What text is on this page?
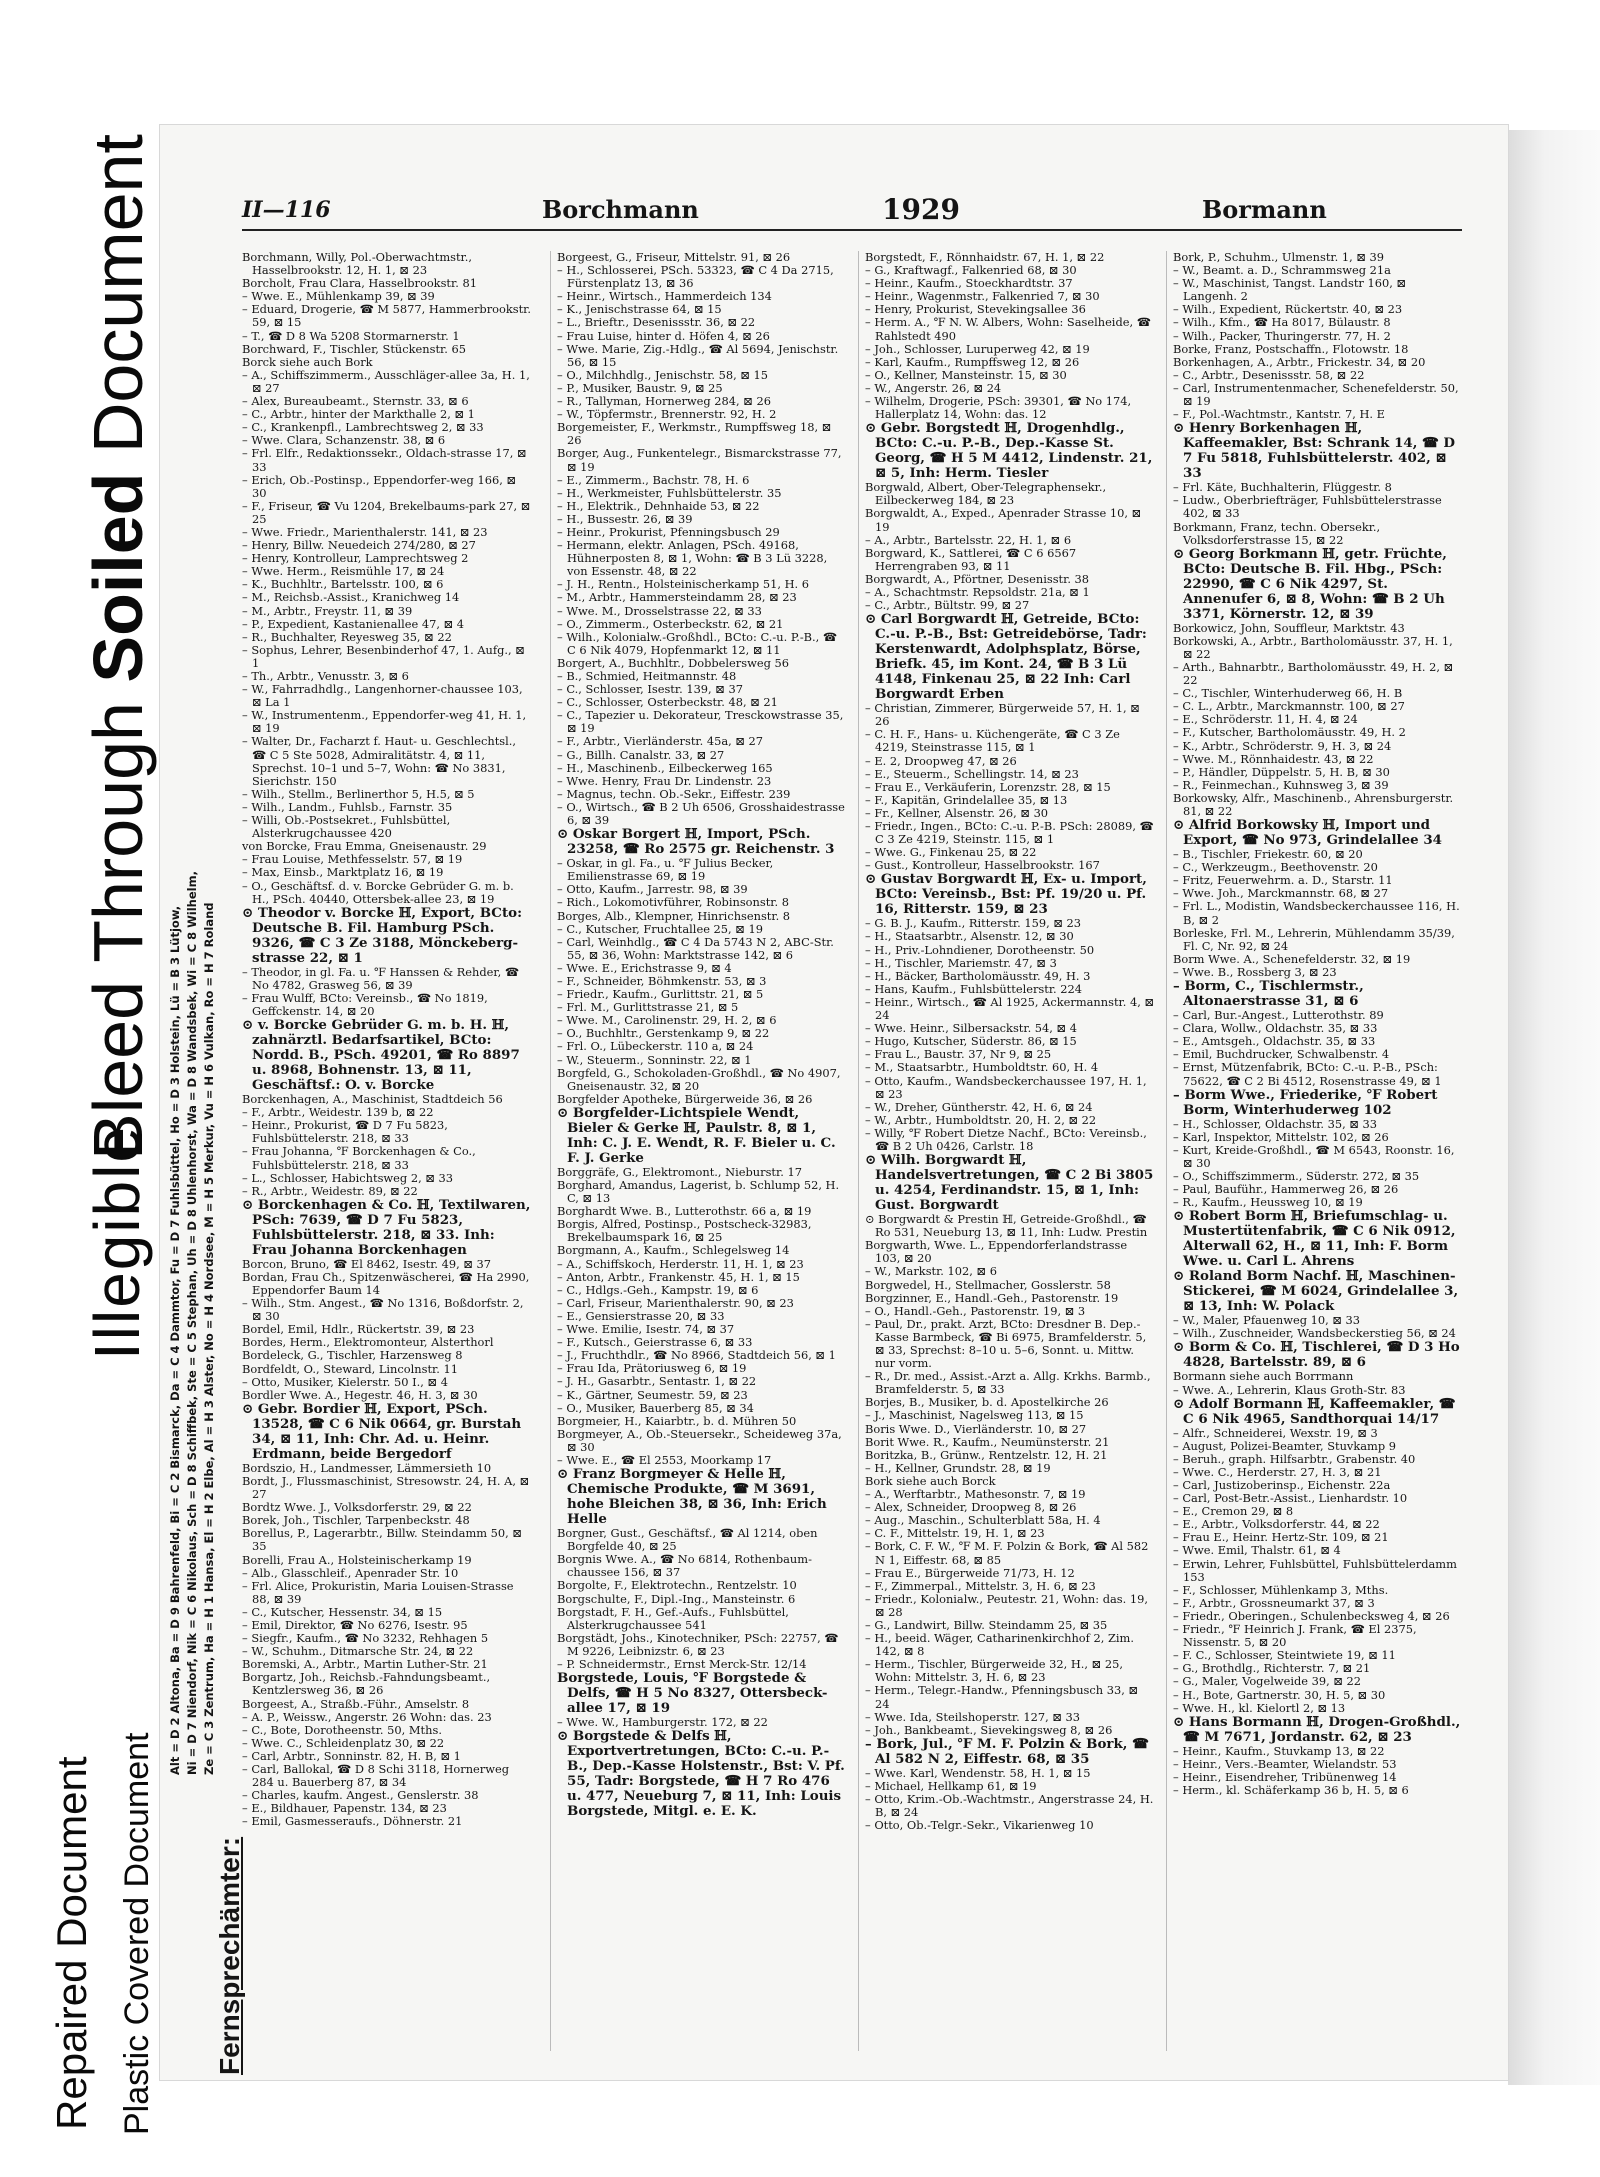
Repaired Document Plastic Covered Document
Illegible
Bleed Through Soiled Document	II—116	Borchmann	1929	Bormann
Fernsprechämter:
Alt = D 2 Altona, Ba = D 9 Bahrenfeld, Bi = C 2 Bismarck, Da = C 4 Dammtor, Fu = D 7 Fuhlsbüttel, Ho = D 3 Holstein, Lü = B 3 Lütjow, Ni = D 7 Niendorf, Nik = C 6 Nikolaus, Sch = D 8 Schiffbek, Ste = C 5 Stephan, Uh = D 8 Uhlenhorst, Wa = D 8 Wandsbek, Wi = C 8 Wilhelm, Ze = C 3 Zentrum, Ha = H 1 Hansa, El = H 2 Elbe, Al = H 3 Alster, No = H 4 Nordsee, M = H 5 Merkur, Vu = H 6 Vulkan, Ro = H 7 Roland

Borchmann, Willy, Pol.-Oberwachtmstr., Hasselbrookstr. 12, H. 1, ⊠ 23

Borcholt, Frau Clara, Hasselbrookstr. 81

– Wwe. E., Mühlenkamp 39, ⊠ 39

– Eduard, Drogerie, ☎ M 5877, Hammerbrookstr. 59, ⊠ 15

– T., ☎ D 8 Wa 5208 Stormarnerstr. 1

Borchward, F., Tischler, Stückenstr. 65

Borck siehe auch Bork

– A., Schiffszimmerm., Ausschläger-allee 3a, H. 1, ⊠ 27

– Alex, Bureaubeamt., Sternstr. 33, ⊠ 6

– C., Arbtr., hinter der Markthalle 2, ⊠ 1

– C., Krankenpfl., Lambrechtsweg 2, ⊠ 33

– Wwe. Clara, Schanzenstr. 38, ⊠ 6

– Frl. Elfr., Redaktionssekr., Oldach-strasse 17, ⊠ 33

– Erich, Ob.-Postinsp., Eppendorfer-weg 166, ⊠ 30

– F., Friseur, ☎ Vu 1204, Brekelbaums-park 27, ⊠ 25

– Wwe. Friedr., Marienthalerstr. 141, ⊠ 23

– Henry, Billw. Neuedeich 274/280, ⊠ 27

– Henry, Kontrolleur, Lamprechtsweg 2

– Wwe. Herm., Reismühle 17, ⊠ 24

– K., Buchhltr., Bartelsstr. 100, ⊠ 6

– M., Reichsb.-Assist., Kranichweg 14

– M., Arbtr., Freystr. 11, ⊠ 39

– P., Expedient, Kastanienallee 47, ⊠ 4

– R., Buchhalter, Reyesweg 35, ⊠ 22

– Sophus, Lehrer, Besenbinderhof 47, 1. Aufg., ⊠ 1

– Th., Arbtr., Venusstr. 3, ⊠ 6

– W., Fahrradhdlg., Langenhorner-chaussee 103, ⊠ La 1

– W., Instrumentenm., Eppendorfer-weg 41, H. 1, ⊠ 19

– Walter, Dr., Facharzt f. Haut- u. Geschlechtsl., ☎ C 5 Ste 5028, Admiralitätstr. 4, ⊠ 11, Sprechst. 10–1 und 5–7, Wohn: ☎ No 3831, Sierichstr. 150

– Wilh., Stellm., Berlinerthor 5, H.5, ⊠ 5

– Wilh., Landm., Fuhlsb., Farnstr. 35

– Willi, Ob.-Postsekret., Fuhlsbüttel, Alsterkrugchaussee 420

von Borcke, Frau Emma, Gneisenaustr. 29

– Frau Louise, Methfesselstr. 57, ⊠ 19

– Max, Einsb., Marktplatz 16, ⊠ 19

– O., Geschäftsf. d. v. Borcke Gebrüder G. m. b. H., PSch. 40440, Ottersbek-allee 23, ⊠ 19

⊙ Theodor v. Borcke ℍ, Export, BCto: Deutsche B. Fil. Hamburg PSch. 9326, ☎ C 3 Ze 3188, Mönckeberg-strasse 22, ⊠ 1

– Theodor, in gl. Fa. u. ℉ Hanssen & Rehder, ☎ No 4782, Grasweg 56, ⊠ 39

– Frau Wulff, BCto: Vereinsb., ☎ No 1819, Geffckenstr. 14, ⊠ 20

⊙ v. Borcke Gebrüder G. m. b. H. ℍ, zahnärztl. Bedarfsartikel, BCto: Nordd. B., PSch. 49201, ☎ Ro 8897 u. 8968, Bohnenstr. 13, ⊠ 11, Geschäftsf.: O. v. Borcke

Borckenhagen, A., Maschinist, Stadtdeich 56

– F., Arbtr., Weidestr. 139 b, ⊠ 22

– Heinr., Prokurist, ☎ D 7 Fu 5823, Fuhlsbüttelerstr. 218, ⊠ 33

– Frau Johanna, ℉ Borckenhagen & Co., Fuhlsbüttelerstr. 218, ⊠ 33

– L., Schlosser, Habichtsweg 2, ⊠ 33

– R., Arbtr., Weidestr. 89, ⊠ 22

⊙ Borckenhagen & Co. ℍ, Textilwaren, PSch: 7639, ☎ D 7 Fu 5823, Fuhlsbüttelerstr. 218, ⊠ 33. Inh: Frau Johanna Borckenhagen

Borcon, Bruno, ☎ El 8462, Isestr. 49, ⊠ 37

Bordan, Frau Ch., Spitzenwäscherei, ☎ Ha 2990, Eppendorfer Baum 14

– Wilh., Stm. Angest., ☎ No 1316, Boßdorfstr. 2, ⊠ 30

Bordel, Emil, Hdlr., Rückertstr. 39, ⊠ 23

Bordes, Herm., Elektromonteur, Alsterthorl

Bordeleck, G., Tischler, Harzensweg 8

Bordfeldt, O., Steward, Lincolnstr. 11

– Otto, Musiker, Kielerstr. 50 I., ⊠ 4

Bordler Wwe. A., Hegestr. 46, H. 3, ⊠ 30

⊙ Gebr. Bordier ℍ, Export, PSch. 13528, ☎ C 6 Nik 0664, gr. Burstah 34, ⊠ 11, Inh: Chr. Ad. u. Heinr. Erdmann, beide Bergedorf

Bordszio, H., Landmesser, Lämmersieth 10

Bordt, J., Flussmaschinist, Stresowstr. 24, H. A, ⊠ 27

Bordtz Wwe. J., Volksdorferstr. 29, ⊠ 22

Borek, Joh., Tischler, Tarpenbeckstr. 48

Borellus, P., Lagerarbtr., Billw. Steindamm 50, ⊠ 35

Borelli, Frau A., Holsteinischerkamp 19

– Alb., Glasschleif., Apenrader Str. 10

– Frl. Alice, Prokuristin, Maria Louisen-Strasse 88, ⊠ 39

– C., Kutscher, Hessenstr. 34, ⊠ 15

– Emil, Direktor, ☎ No 6276, Isestr. 95

– Siegfr., Kaufm., ☎ No 3232, Rehhagen 5

– W., Schuhm., Ditmarsche Str. 24, ⊠ 22

Boremski, A., Arbtr., Martin Luther-Str. 21

Borgartz, Joh., Reichsb.-Fahndungsbeamt., Kentzlersweg 36, ⊠ 26

Borgeest, A., Straßb.-Führ., Amselstr. 8

– A. P., Weissw., Angerstr. 26 Wohn: das. 23

– C., Bote, Dorotheenstr. 50, Mths.

– Wwe. C., Schleidenplatz 30, ⊠ 22

– Carl, Arbtr., Sonninstr. 82, H. B, ⊠ 1

– Carl, Ballokal, ☎ D 8 Schi 3118, Hornerweg 284 u. Bauerberg 87, ⊠ 34

– Charles, kaufm. Angest., Genslerstr. 38

– E., Bildhauer, Papenstr. 134, ⊠ 23

– Emil, Gasmesseraufs., Döhnerstr. 21

Borgeest, G., Friseur, Mittelstr. 91, ⊠ 26

– H., Schlosserei, PSch. 53323, ☎ C 4 Da 2715, Fürstenplatz 13, ⊠ 36

– Heinr., Wirtsch., Hammerdeich 134

– K., Jenischstrasse 64, ⊠ 15

– L., Brieftr., Desenissstr. 36, ⊠ 22

– Frau Luise, hinter d. Höfen 4, ⊠ 26

– Wwe. Marie, Zig.-Hdlg., ☎ Al 5694, Jenischstr. 56, ⊠ 15

– O., Milchhdlg., Jenischstr. 58, ⊠ 15

– P., Musiker, Baustr. 9, ⊠ 25

– R., Tallyman, Hornerweg 284, ⊠ 26

– W., Töpfermstr., Brennerstr. 92, H. 2

Borgemeister, F., Werkmstr., Rumpffsweg 18, ⊠ 26

Borger, Aug., Funkentelegr., Bismarckstrasse 77, ⊠ 19

– E., Zimmerm., Bachstr. 78, H. 6

– H., Werkmeister, Fuhlsbüttelerstr. 35

– H., Elektrik., Dehnhaide 53, ⊠ 22

– H., Bussestr. 26, ⊠ 39

– Heinr., Prokurist, Pfenningsbusch 29

– Hermann, elektr. Anlagen, PSch. 49168, Hühnerposten 8, ⊠ 1, Wohn: ☎ B 3 Lü 3228, von Essenstr. 48, ⊠ 22

– J. H., Rentn., Holsteinischerkamp 51, H. 6

– M., Arbtr., Hammersteindamm 28, ⊠ 23

– Wwe. M., Drosselstrasse 22, ⊠ 33

– O., Zimmerm., Osterbeckstr. 62, ⊠ 21

– Wilh., Kolonialw.-Großhdl., BCto: C.-u. P.-B., ☎ C 6 Nik 4079, Hopfenmarkt 12, ⊠ 11

Borgert, A., Buchhltr., Dobbelersweg 56

– B., Schmied, Heitmannstr. 48

– C., Schlosser, Isestr. 139, ⊠ 37

– C., Schlosser, Osterbeckstr. 48, ⊠ 21

– C., Tapezier u. Dekorateur, Tresckowstrasse 35, ⊠ 19

– F., Arbtr., Vierländerstr. 45a, ⊠ 27

– G., Billh. Canalstr. 33, ⊠ 27

– H., Maschinenb., Eilbeckerweg 165

– Wwe. Henry, Frau Dr. Lindenstr. 23

– Magnus, techn. Ob.-Sekr., Eiffestr. 239

– O., Wirtsch., ☎ B 2 Uh 6506, Grosshaidestrasse 6, ⊠ 39

⊙ Oskar Borgert ℍ, Import, PSch. 23258, ☎ Ro 2575 gr. Reichenstr. 3

– Oskar, in gl. Fa., u. ℉ Julius Becker, Emilienstrasse 69, ⊠ 19

– Otto, Kaufm., Jarrestr. 98, ⊠ 39

– Rich., Lokomotivführer, Robinsonstr. 8

Borges, Alb., Klempner, Hinrichsenstr. 8

– C., Kutscher, Fruchtallee 25, ⊠ 19

– Carl, Weinhdlg., ☎ C 4 Da 5743 N 2, ABC-Str. 55, ⊠ 36, Wohn: Marktstrasse 142, ⊠ 6

– Wwe. E., Erichstrasse 9, ⊠ 4

– F., Schneider, Böhmkenstr. 53, ⊠ 3

– Friedr., Kaufm., Gurlittstr. 21, ⊠ 5

– Frl. M., Gurlittstrasse 21, ⊠ 5

– Wwe. M., Carolinenstr. 29, H. 2, ⊠ 6

– O., Buchhltr., Gerstenkamp 9, ⊠ 22

– Frl. O., Lübeckerstr. 110 a, ⊠ 24

– W., Steuerm., Sonninstr. 22, ⊠ 1

Borgfeld, G., Schokoladen-Großhdl., ☎ No 4907, Gneisenaustr. 32, ⊠ 20

Borgfelder Apotheke, Bürgerweide 36, ⊠ 26

⊙ Borgfelder-Lichtspiele Wendt, Bieler & Gerke ℍ, Paulstr. 8, ⊠ 1, Inh: C. J. E. Wendt, R. F. Bieler u. C. F. J. Gerke

Borggräfe, G., Elektromont., Nieburstr. 17

Borghard, Amandus, Lagerist, b. Schlump 52, H. C, ⊠ 13

Borghardt Wwe. B., Lutterothstr. 66 a, ⊠ 19

Borgis, Alfred, Postinsp., Postscheck-32983, Brekelbaumspark 16, ⊠ 25

Borgmann, A., Kaufm., Schlegelsweg 14

– A., Schiffskoch, Herderstr. 11, H. 1, ⊠ 23

– Anton, Arbtr., Frankenstr. 45, H. 1, ⊠ 15

– C., Hdlgs.-Geh., Kampstr. 19, ⊠ 6

– Carl, Friseur, Marienthalerstr. 90, ⊠ 23

– E., Gensierstrasse 20, ⊠ 33

– Wwe. Emilie, Isestr. 74, ⊠ 37

– F., Kutsch., Geierstrasse 6, ⊠ 33

– J., Fruchthdlr., ☎ No 8966, Stadtdeich 56, ⊠ 1

– Frau Ida, Prätoriusweg 6, ⊠ 19

– J. H., Gasarbtr., Sentastr. 1, ⊠ 22

– K., Gärtner, Seumestr. 59, ⊠ 23

– O., Musiker, Bauerberg 85, ⊠ 34

Borgmeier, H., Kaiarbtr., b. d. Mühren 50

Borgmeyer, A., Ob.-Steuersekr., Scheideweg 37a, ⊠ 30

– Wwe. E., ☎ El 2553, Moorkamp 17

⊙ Franz Borgmeyer & Helle ℍ, Chemische Produkte, ☎ M 3691, hohe Bleichen 38, ⊠ 36, Inh: Erich Helle

Borgner, Gust., Geschäftsf., ☎ Al 1214, oben Borgfelde 40, ⊠ 25

Borgnis Wwe. A., ☎ No 6814, Rothenbaum-chaussee 156, ⊠ 37

Borgolte, F., Elektrotechn., Rentzelstr. 10

Borgschulte, F., Dipl.-Ing., Mansteinstr. 6

Borgstadt, F. H., Gef.-Aufs., Fuhlsbüttel, Alsterkrugchaussee 541

Borgstädt, Johs., Kinotechniker, PSch: 22757, ☎ M 9226, Leibnizstr. 6, ⊠ 23

– P. Schneidermstr., Ernst Merck-Str. 12/14

Borgstede, Louis, ℉ Borgstede & Delfs, ☎ H 5 No 8327, Ottersbeck-allee 17, ⊠ 19

– Wwe. W., Hamburgerstr. 172, ⊠ 22

⊙ Borgstede & Delfs ℍ, Exportvertretungen, BCto: C.-u. P.-B., Dep.-Kasse Holstenstr., Bst: V. Pf. 55, Tadr: Borgstede, ☎ H 7 Ro 476 u. 477, Neueburg 7, ⊠ 11, Inh: Louis Borgstede, Mitgl. e. E. K.

Borgstedt, F., Rönnhaidstr. 67, H. 1, ⊠ 22

– G., Kraftwagf., Falkenried 68, ⊠ 30

– Heinr., Kaufm., Stoeckhardtstr. 37

– Heinr., Wagenmstr., Falkenried 7, ⊠ 30

– Henry, Prokurist, Stevekingsallee 36

– Herm. A., ℉ N. W. Albers, Wohn: Saselheide, ☎ Rahlstedt 490

– Joh., Schlosser, Luruperweg 42, ⊠ 19

– Karl, Kaufm., Rumpffsweg 12, ⊠ 26

– O., Kellner, Mansteinstr. 15, ⊠ 30

– W., Angerstr. 26, ⊠ 24

– Wilhelm, Drogerie, PSch: 39301, ☎ No 174, Hallerplatz 14, Wohn: das. 12

⊙ Gebr. Borgstedt ℍ, Drogenhdlg., BCto: C.-u. P.-B., Dep.-Kasse St. Georg, ☎ H 5 M 4412, Lindenstr. 21, ⊠ 5, Inh: Herm. Tiesler

Borgwald, Albert, Ober-Telegraphensekr., Eilbeckerweg 184, ⊠ 23

Borgwaldt, A., Exped., Apenrader Strasse 10, ⊠ 19

– A., Arbtr., Bartelsstr. 22, H. 1, ⊠ 6

Borgward, K., Sattlerei, ☎ C 6 6567 Herrengraben 93, ⊠ 11

Borgwardt, A., Pförtner, Desenisstr. 38

– A., Schachtmstr. Repsoldstr. 21a, ⊠ 1

– C., Arbtr., Bültstr. 99, ⊠ 27

⊙ Carl Borgwardt ℍ, Getreide, BCto: C.-u. P.-B., Bst: Getreidebörse, Tadr: Kerstenwardt, Adolphsplatz, Börse, Briefk. 45, im Kont. 24, ☎ B 3 Lü 4148, Finkenau 25, ⊠ 22 Inh: Carl Borgwardt Erben

– Christian, Zimmerer, Bürgerweide 57, H. 1, ⊠ 26

– C. H. F., Hans- u. Küchengeräte, ☎ C 3 Ze 4219, Steinstrasse 115, ⊠ 1

– E. 2, Droopweg 47, ⊠ 26

– E., Steuerm., Schellingstr. 14, ⊠ 23

– Frau E., Verkäuferin, Lorenzstr. 28, ⊠ 15

– F., Kapitän, Grindelallee 35, ⊠ 13

– Fr., Kellner, Alsenstr. 26, ⊠ 30

– Friedr., Ingen., BCto: C.-u. P.-B. PSch: 28089, ☎ C 3 Ze 4219, Steinstr. 115, ⊠ 1

– Wwe. G., Finkenau 25, ⊠ 22

– Gust., Kontrolleur, Hasselbrookstr. 167

⊙ Gustav Borgwardt ℍ, Ex- u. Import, BCto: Vereinsb., Bst: Pf. 19/20 u. Pf. 16, Ritterstr. 159, ⊠ 23

– G. B. J., Kaufm., Ritterstr. 159, ⊠ 23

– H., Staatsarbtr., Alsenstr. 12, ⊠ 30

– H., Priv.-Lohndiener, Dorotheenstr. 50

– H., Tischler, Mariemstr. 47, ⊠ 3

– H., Bäcker, Bartholomäusstr. 49, H. 3

– Hans, Kaufm., Fuhlsbüttelerstr. 224

– Heinr., Wirtsch., ☎ Al 1925, Ackermannstr. 4, ⊠ 24

– Wwe. Heinr., Silbersackstr. 54, ⊠ 4

– Hugo, Kutscher, Süderstr. 86, ⊠ 15

– Frau L., Baustr. 37, Nr 9, ⊠ 25

– M., Staatsarbtr., Humboldtstr. 60, H. 4

– Otto, Kaufm., Wandsbeckerchaussee 197, H. 1, ⊠ 23

– W., Dreher, Güntherstr. 42, H. 6, ⊠ 24

– W., Arbtr., Humboldtstr. 20, H. 2, ⊠ 22

– Willy, ℉ Robert Dietze Nachf., BCto: Vereinsb., ☎ B 2 Uh 0426, Carlstr. 18

⊙ Wilh. Borgwardt ℍ, Handelsvertretungen, ☎ C 2 Bi 3805 u. 4254, Ferdinandstr. 15, ⊠ 1, Inh: Gust. Borgwardt

⊙ Borgwardt & Prestin ℍ, Getreide-Großhdl., ☎ Ro 531, Neueburg 13, ⊠ 11, Inh: Ludw. Prestin

Borgwarth, Wwe. L., Eppendorferlandstrasse 103, ⊠ 20

– W., Markstr. 102, ⊠ 6

Borgwedel, H., Stellmacher, Gosslerstr. 58

Borgzinner, E., Handl.-Geh., Pastorenstr. 19

– O., Handl.-Geh., Pastorenstr. 19, ⊠ 3

– Paul, Dr., prakt. Arzt, BCto: Dresdner B. Dep.-Kasse Barmbeck, ☎ Bi 6975, Bramfelderstr. 5, ⊠ 33, Sprechst: 8–10 u. 5–6, Sonnt. u. Mittw. nur vorm.

– R., Dr. med., Assist.-Arzt a. Allg. Krkhs. Barmb., Bramfelderstr. 5, ⊠ 33

Borjes, B., Musiker, b. d. Apostelkirche 26

– J., Maschinist, Nagelsweg 113, ⊠ 15

Boris Wwe. D., Vierländerstr. 10, ⊠ 27

Borit Wwe. R., Kaufm., Neumünsterstr. 21

Boritzka, B., Grünw., Rentzelstr. 12, H. 21

– H., Kellner, Grundstr. 28, ⊠ 19

Bork siehe auch Borck

– A., Werftarbtr., Mathesonstr. 7, ⊠ 19

– Alex, Schneider, Droopweg 8, ⊠ 26

– Aug., Maschin., Schulterblatt 58a, H. 4

– C. F., Mittelstr. 19, H. 1, ⊠ 23

– Bork, C. F. W., ℉ M. F. Polzin & Bork, ☎ Al 582 N 1, Eiffestr. 68, ⊠ 85

– Frau E., Bürgerweide 71/73, H. 12

– F., Zimmerpal., Mittelstr. 3, H. 6, ⊠ 23

– Friedr., Kolonialw., Peutestr. 21, Wohn: das. 19, ⊠ 28

– G., Landwirt, Billw. Steindamm 25, ⊠ 35

– H., beeid. Wäger, Catharinenkirchhof 2, Zim. 142, ⊠ 8

– Herm., Tischler, Bürgerweide 32, H., ⊠ 25, Wohn: Mittelstr. 3, H. 6, ⊠ 23

– Herm., Telegr.-Handw., Pfenningsbusch 33, ⊠ 24

– Wwe. Ida, Steilshoperstr. 127, ⊠ 33

– Joh., Bankbeamt., Sievekingsweg 8, ⊠ 26

– Bork, Jul., ℉ M. F. Polzin & Bork, ☎ Al 582 N 2, Eiffestr. 68, ⊠ 35

– Wwe. Karl, Wendenstr. 58, H. 1, ⊠ 15

– Michael, Hellkamp 61, ⊠ 19

– Otto, Krim.-Ob.-Wachtmstr., Angerstrasse 24, H. B, ⊠ 24

– Otto, Ob.-Telgr.-Sekr., Vikarienweg 10

Bork, P., Schuhm., Ulmenstr. 1, ⊠ 39

– W., Beamt. a. D., Schrammsweg 21a

– W., Maschinist, Tangst. Landstr 160, ⊠ Langenh. 2

– Wilh., Expedient, Rückertstr. 40, ⊠ 23

– Wilh., Kfm., ☎ Ha 8017, Bülaustr. 8

– Wilh., Packer, Thuringerstr. 77, H. 2

Borke, Franz, Postschaffn., Flotowstr. 18

Borkenhagen, A., Arbtr., Frickestr. 34, ⊠ 20

– C., Arbtr., Desenissstr. 58, ⊠ 22

– Carl, Instrumentenmacher, Schenefelderstr. 50, ⊠ 19

– F., Pol.-Wachtmstr., Kantstr. 7, H. E

⊙ Henry Borkenhagen ℍ, Kaffeemakler, Bst: Schrank 14, ☎ D 7 Fu 5818, Fuhlsbüttelerstr. 402, ⊠ 33

– Frl. Käte, Buchhalterin, Flüggestr. 8

– Ludw., Oberbriefträger, Fuhlsbüttelerstrasse 402, ⊠ 33

Borkmann, Franz, techn. Obersekr., Volksdorferstrasse 15, ⊠ 22

⊙ Georg Borkmann ℍ, getr. Früchte, BCto: Deutsche B. Fil. Hbg., PSch: 22990, ☎ C 6 Nik 4297, St. Annenufer 6, ⊠ 8, Wohn: ☎ B 2 Uh 3371, Körnerstr. 12, ⊠ 39

Borkowicz, John, Souffleur, Marktstr. 43

Borkowski, A., Arbtr., Bartholomäusstr. 37, H. 1, ⊠ 22

– Arth., Bahnarbtr., Bartholomäusstr. 49, H. 2, ⊠ 22

– C., Tischler, Winterhuderweg 66, H. B

– C. L., Arbtr., Marckmannstr. 100, ⊠ 27

– E., Schröderstr. 11, H. 4, ⊠ 24

– F., Kutscher, Bartholomäusstr. 49, H. 2

– K., Arbtr., Schröderstr. 9, H. 3, ⊠ 24

– Wwe. M., Rönnhaidestr. 43, ⊠ 22

– P., Händler, Düppelstr. 5, H. B, ⊠ 30

– R., Feinmechan., Kuhnsweg 3, ⊠ 39

Borkowsky, Alfr., Maschinenb., Ahrensburgerstr. 81, ⊠ 22

⊙ Alfrid Borkowsky ℍ, Import und Export, ☎ No 973, Grindelallee 34

– B., Tischler, Friekestr. 60, ⊠ 20

– C., Werkzeugm., Beethovenstr. 20

– Fritz, Feuerwehrm. a. D., Starstr. 11

– Wwe. Joh., Marckmannstr. 68, ⊠ 27

– Frl. L., Modistin, Wandsbeckerchaussee 116, H. B, ⊠ 2

Borleske, Frl. M., Lehrerin, Mühlendamm 35/39, Fl. C, Nr. 92, ⊠ 24

Borm Wwe. A., Schenefelderstr. 32, ⊠ 19

– Wwe. B., Rossberg 3, ⊠ 23

– Borm, C., Tischlermstr., Altonaerstrasse 31, ⊠ 6

– Carl, Bur.-Angest., Lutterothstr. 89

– Clara, Wollw., Oldachstr. 35, ⊠ 33

– E., Amtsgeh., Oldachstr. 35, ⊠ 33

– Emil, Buchdrucker, Schwalbenstr. 4

– Ernst, Mützenfabrik, BCto: C.-u. P.-B., PSch: 75622, ☎ C 2 Bi 4512, Rosenstrasse 49, ⊠ 1

– Borm Wwe., Friederike, ℉ Robert Borm, Winterhuderweg 102

– H., Schlosser, Oldachstr. 35, ⊠ 33

– Karl, Inspektor, Mittelstr. 102, ⊠ 26

– Kurt, Kreide-Großhdl., ☎ M 6543, Roonstr. 16, ⊠ 30

– O., Schiffszimmerm., Süderstr. 272, ⊠ 35

– Paul, Bauführ., Hammerweg 26, ⊠ 26

– R., Kaufm., Heussweg 10, ⊠ 19

⊙ Robert Borm ℍ, Briefumschlag- u. Mustertütenfabrik, ☎ C 6 Nik 0912, Alterwall 62, H., ⊠ 11, Inh: F. Borm Wwe. u. Carl L. Ahrens

⊙ Roland Borm Nachf. ℍ, Maschinen-Stickerei, ☎ M 6024, Grindelallee 3, ⊠ 13, Inh: W. Polack

– W., Maler, Pfauenweg 10, ⊠ 33

– Wilh., Zuschneider, Wandsbeckerstieg 56, ⊠ 24

⊙ Borm & Co. ℍ, Tischlerei, ☎ D 3 Ho 4828, Bartelsstr. 89, ⊠ 6

Bormann siehe auch Borrmann

– Wwe. A., Lehrerin, Klaus Groth-Str. 83

⊙ Adolf Bormann ℍ, Kaffeemakler, ☎ C 6 Nik 4965, Sandthorquai 14/17

– Alfr., Schneiderei, Wexstr. 19, ⊠ 3

– August, Polizei-Beamter, Stuvkamp 9

– Beruh., graph. Hilfsarbtr., Grabenstr. 40

– Wwe. C., Herderstr. 27, H. 3, ⊠ 21

– Carl, Justizoberinsp., Eichenstr. 22a

– Carl, Post-Betr.-Assist., Lienhardstr. 10

– E., Cremon 29, ⊠ 8

– E., Arbtr., Volksdorferstr. 44, ⊠ 22

– Frau E., Heinr. Hertz-Str. 109, ⊠ 21

– Wwe. Emil, Thalstr. 61, ⊠ 4

– Erwin, Lehrer, Fuhlsbüttel, Fuhlsbüttelerdamm 153

– F., Schlosser, Mühlenkamp 3, Mths.

– F., Arbtr., Grossneumarkt 37, ⊠ 3

– Friedr., Oberingen., Schulenbecksweg 4, ⊠ 26

– Friedr., ℉ Heinrich J. Frank, ☎ El 2375, Nissenstr. 5, ⊠ 20

– F. C., Schlosser, Steintwiete 19, ⊠ 11

– G., Brothdlg., Richterstr. 7, ⊠ 21

– G., Maler, Vogelweide 39, ⊠ 22

– H., Bote, Gartnerstr. 30, H. 5, ⊠ 30

– Wwe. H., kl. Kielortl 2, ⊠ 13

⊙ Hans Bormann ℍ, Drogen-Großhdl., ☎ M 7671, Jordanstr. 62, ⊠ 23

– Heinr., Kaufm., Stuvkamp 13, ⊠ 22

– Heinr., Vers.-Beamter, Wielandstr. 53

– Heinr., Eisendreher, Tribünenweg 14

– Herm., kl. Schäferkamp 36 b, H. 5, ⊠ 6
